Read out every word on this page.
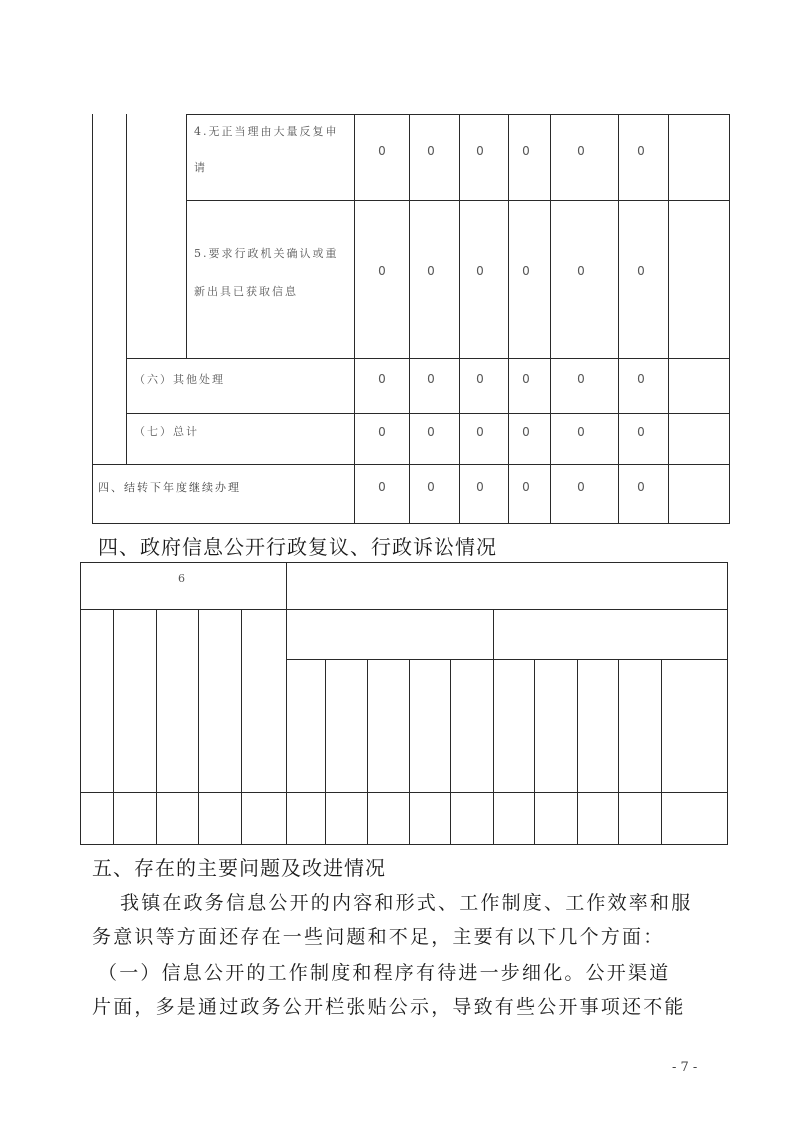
4.无正当理由大量反复申
请
0	0	0	0	0	0
5.要求行政机关确认或重
新出具已获取信息
0	0	0	0	0	0
（六）其他处理	0	0	0	0	0	0
（七）总计	0	0	0	0	0	0
四、结转下年度继续办理	0	0	0	0	0	0
四、政府信息公开行政复议、行政诉讼情况
6
五、存在的主要问题及改进情况
我镇在政务信息公开的内容和形式、工作制度、工作效率和服
务意识等方面还存在一些问题和不足，主要有以下几个方面：
（一）信息公开的工作制度和程序有待进一步细化。公开渠道
片面，多是通过政务公开栏张贴公示，导致有些公开事项还不能
- 7 -
